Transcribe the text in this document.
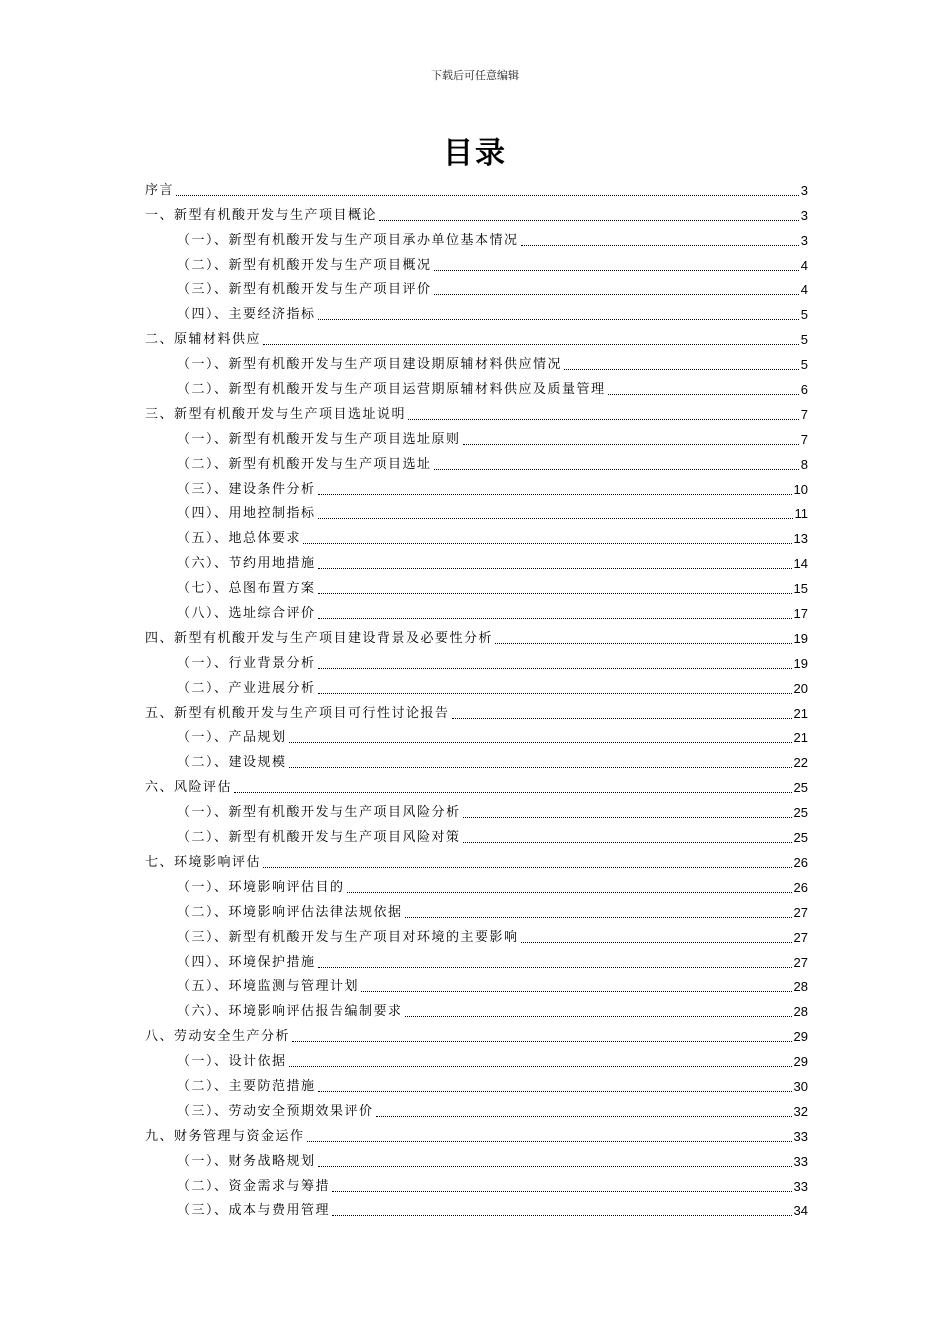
下载后可任意编辑
目录
序言	3
一、新型有机酸开发与生产项目概论	3
（一）、新型有机酸开发与生产项目承办单位基本情况	3
（二）、新型有机酸开发与生产项目概况	4
（三）、新型有机酸开发与生产项目评价	4
（四）、主要经济指标	5
二、原辅材料供应	5
（一）、新型有机酸开发与生产项目建设期原辅材料供应情况	5
（二）、新型有机酸开发与生产项目运营期原辅材料供应及质量管理	6
三、新型有机酸开发与生产项目选址说明	7
（一）、新型有机酸开发与生产项目选址原则	7
（二）、新型有机酸开发与生产项目选址	8
（三）、建设条件分析	10
（四）、用地控制指标	11
（五）、地总体要求	13
（六）、节约用地措施	14
（七）、总图布置方案	15
（八）、选址综合评价	17
四、新型有机酸开发与生产项目建设背景及必要性分析	19
（一）、行业背景分析	19
（二）、产业进展分析	20
五、新型有机酸开发与生产项目可行性讨论报告	21
（一）、产品规划	21
（二）、建设规模	22
六、风险评估	25
（一）、新型有机酸开发与生产项目风险分析	25
（二）、新型有机酸开发与生产项目风险对策	25
七、环境影响评估	26
（一）、环境影响评估目的	26
（二）、环境影响评估法律法规依据	27
（三）、新型有机酸开发与生产项目对环境的主要影响	27
（四）、环境保护措施	27
（五）、环境监测与管理计划	28
（六）、环境影响评估报告编制要求	28
八、劳动安全生产分析	29
（一）、设计依据	29
（二）、主要防范措施	30
（三）、劳动安全预期效果评价	32
九、财务管理与资金运作	33
（一）、财务战略规划	33
（二）、资金需求与筹措	33
（三）、成本与费用管理	34
